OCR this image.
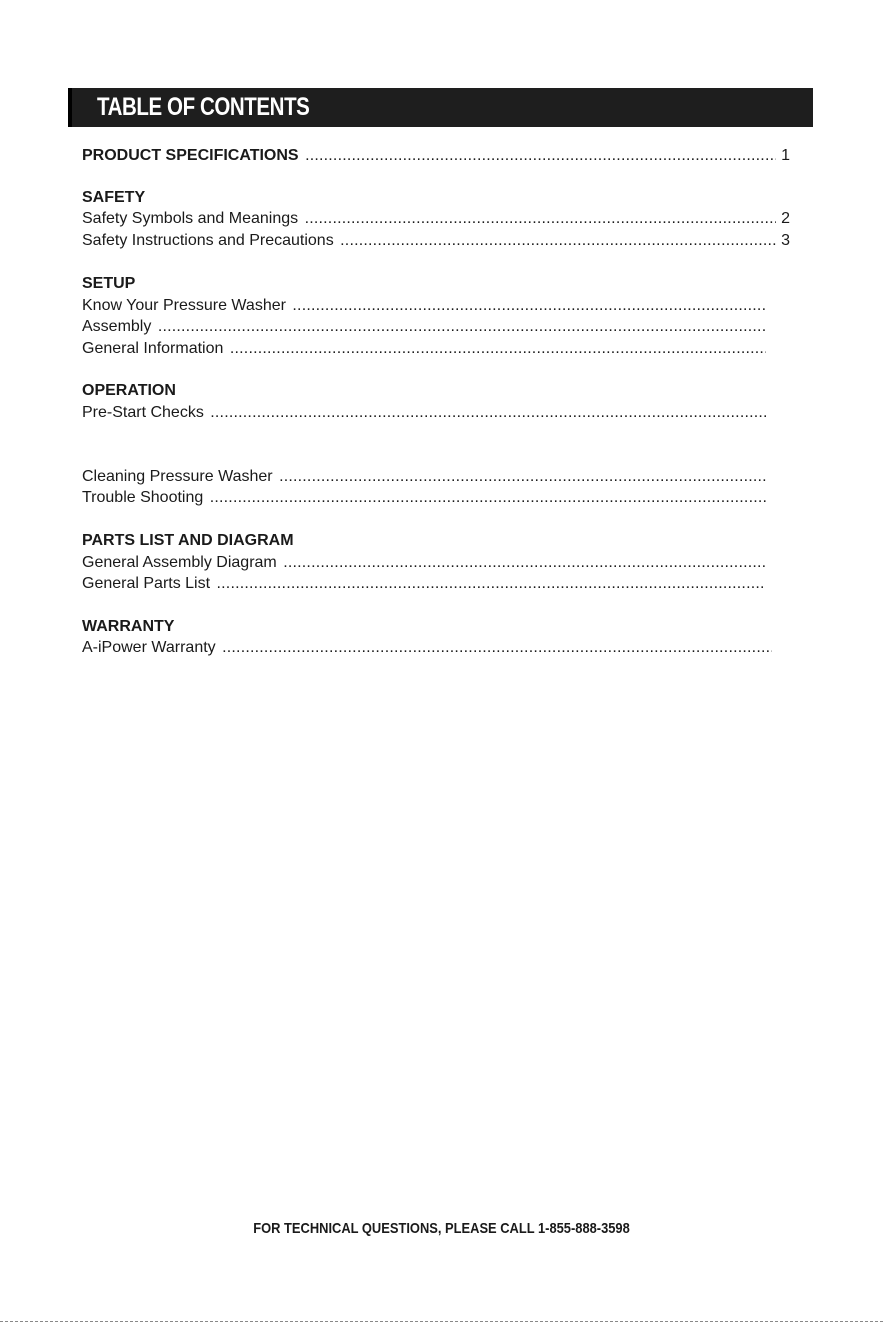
TABLE OF CONTENTS
PRODUCT SPECIFICATIONS .....	1
SAFETY
Safety Symbols and Meanings .....	2
Safety Instructions and Precautions .....	3
SETUP
Know Your Pressure Washer .....
Assembly .....
General Information .....
OPERATION
Pre-Start Checks .....
Cleaning Pressure Washer .....
Trouble Shooting .....
PARTS LIST AND DIAGRAM
General Assembly Diagram .....
General Parts List .....
WARRANTY
A-iPower Warranty .....
FOR TECHNICAL QUESTIONS, PLEASE CALL 1-855-888-3598
